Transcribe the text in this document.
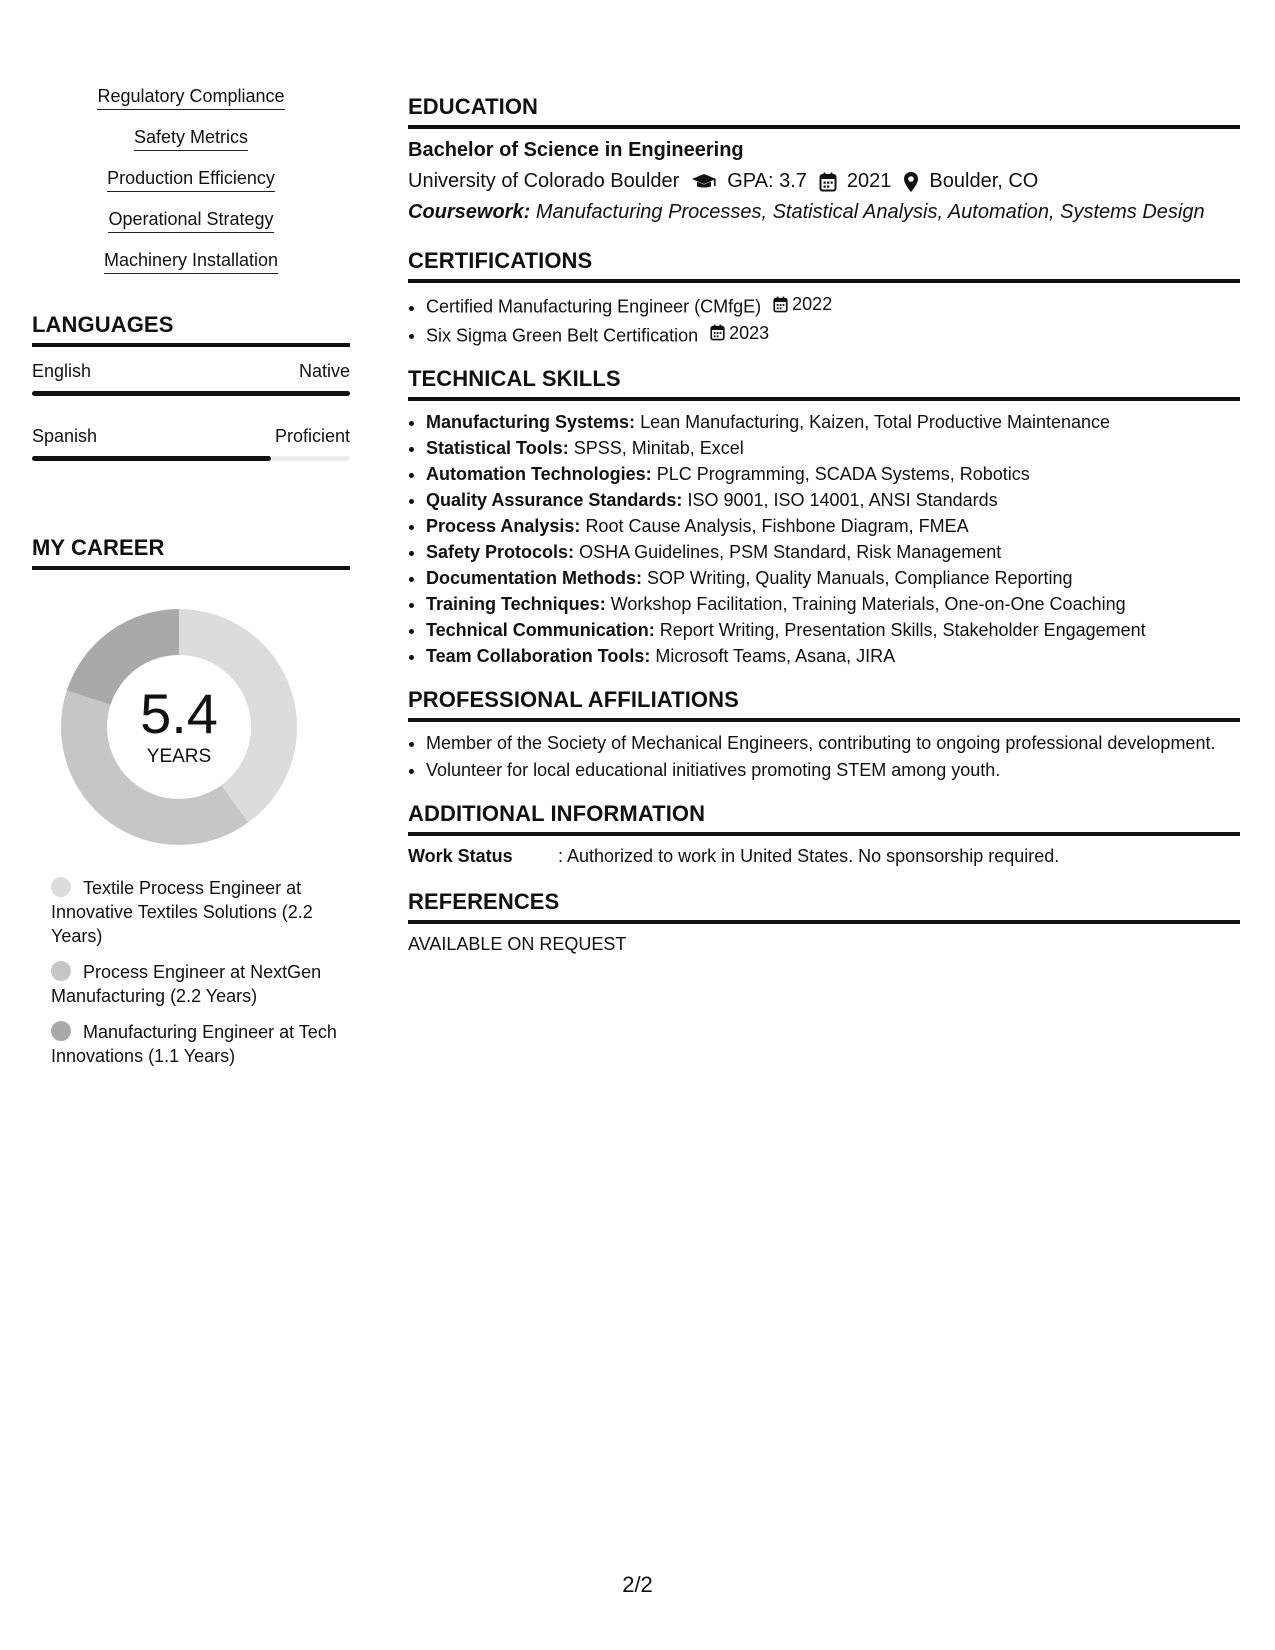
Regulatory Compliance
Safety Metrics
Production Efficiency
Operational Strategy
Machinery Installation
LANGUAGES
English	Native
Spanish	Proficient
MY CAREER
5.4
YEARS
Textile Process Engineer at Innovative Textiles Solutions (2.2 Years)
Process Engineer at NextGen Manufacturing (2.2 Years)
Manufacturing Engineer at Tech Innovations (1.1 Years)
EDUCATION
Bachelor of Science in Engineering
University of Colorado Boulder GPA: 3.7 2021 Boulder, CO
Coursework: Manufacturing Processes, Statistical Analysis, Automation, Systems Design
CERTIFICATIONS
• Certified Manufacturing Engineer (CMfgE) 2022
• Six Sigma Green Belt Certification 2023
TECHNICAL SKILLS
• Manufacturing Systems: Lean Manufacturing, Kaizen, Total Productive Maintenance
• Statistical Tools: SPSS, Minitab, Excel
• Automation Technologies: PLC Programming, SCADA Systems, Robotics
• Quality Assurance Standards: ISO 9001, ISO 14001, ANSI Standards
• Process Analysis: Root Cause Analysis, Fishbone Diagram, FMEA
• Safety Protocols: OSHA Guidelines, PSM Standard, Risk Management
• Documentation Methods: SOP Writing, Quality Manuals, Compliance Reporting
• Training Techniques: Workshop Facilitation, Training Materials, One-on-One Coaching
• Technical Communication: Report Writing, Presentation Skills, Stakeholder Engagement
• Team Collaboration Tools: Microsoft Teams, Asana, JIRA
PROFESSIONAL AFFILIATIONS
• Member of the Society of Mechanical Engineers, contributing to ongoing professional development.
• Volunteer for local educational initiatives promoting STEM among youth.
ADDITIONAL INFORMATION
Work Status	: Authorized to work in United States. No sponsorship required.
REFERENCES
AVAILABLE ON REQUEST
2/2
